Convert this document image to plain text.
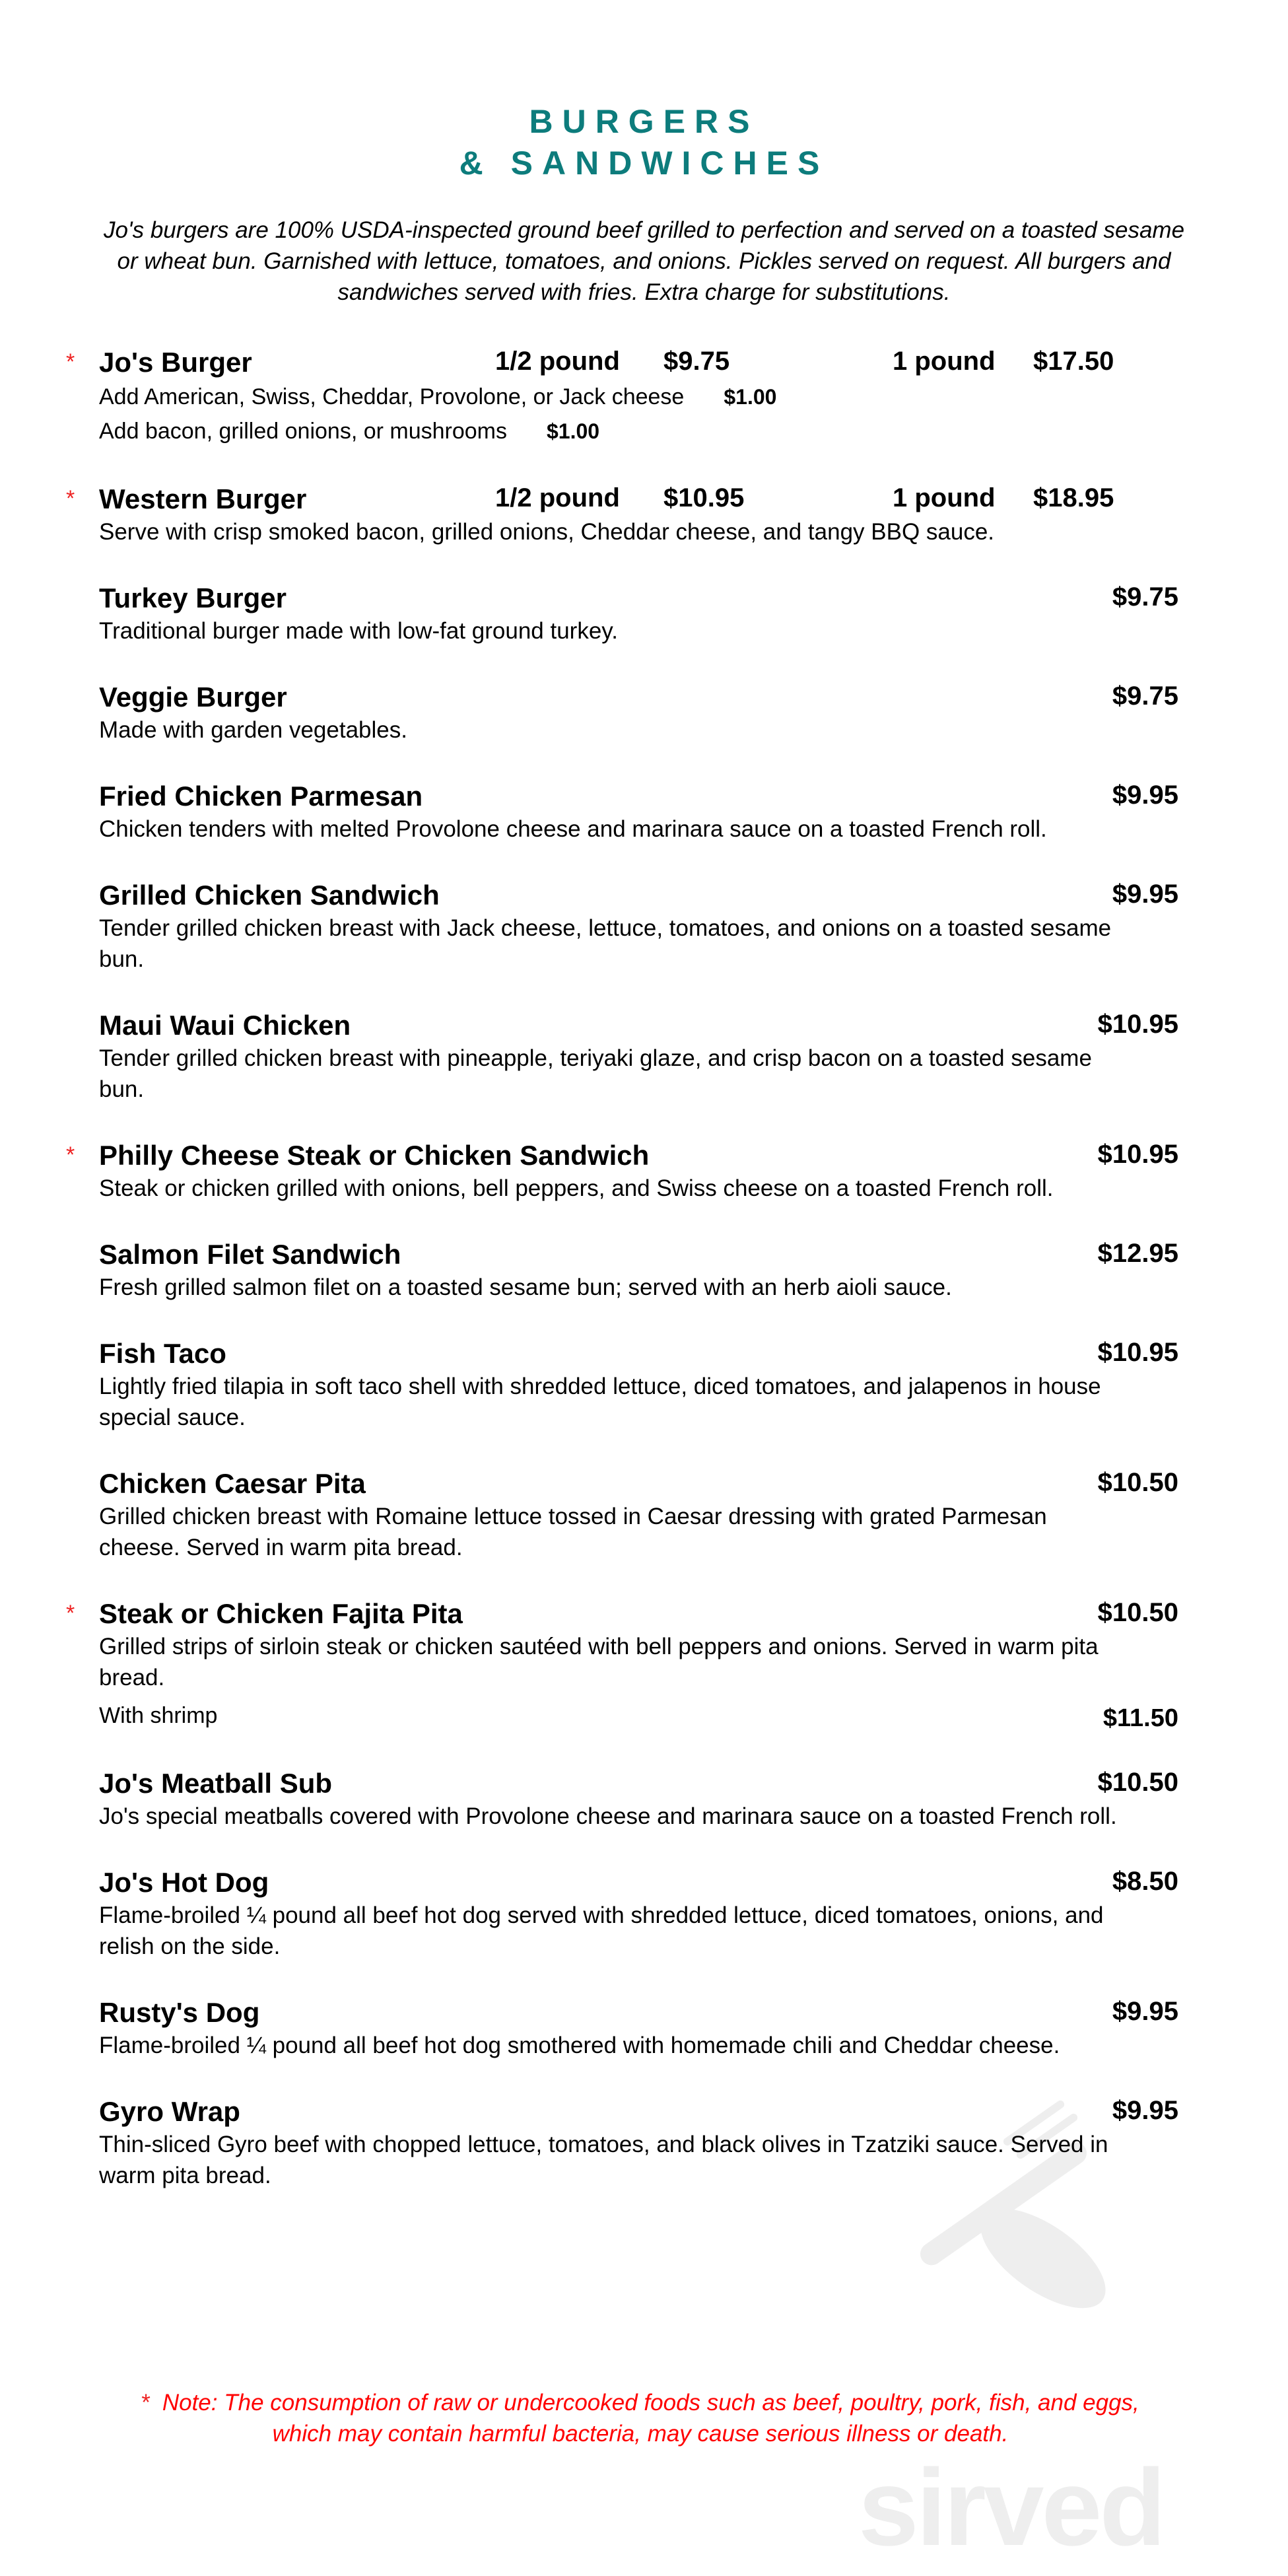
BURGERS
& SANDWICHES
Jo's burgers are 100% USDA-inspected ground beef grilled to perfection and served on a toasted sesame or wheat bun. Garnished with lettuce, tomatoes, and onions. Pickles served on request. All burgers and sandwiches served with fries. Extra charge for substitutions.
sirved
* Jo's Burger	1/2 pound $9.75	1 pound $17.50
Add American, Swiss, Cheddar, Provolone, or Jack cheese $1.00
Add bacon, grilled onions, or mushrooms $1.00
* Western Burger	1/2 pound $10.95	1 pound $18.95
Serve with crisp smoked bacon, grilled onions, Cheddar cheese, and tangy BBQ sauce.
Turkey Burger	$9.75
Traditional burger made with low-fat ground turkey.
Veggie Burger	$9.75
Made with garden vegetables.
Fried Chicken Parmesan	$9.95
Chicken tenders with melted Provolone cheese and marinara sauce on a toasted French roll.
Grilled Chicken Sandwich	$9.95
Tender grilled chicken breast with Jack cheese, lettuce, tomatoes, and onions on a toasted sesame bun.
Maui Waui Chicken	$10.95
Tender grilled chicken breast with pineapple, teriyaki glaze, and crisp bacon on a toasted sesame bun.
* Philly Cheese Steak or Chicken Sandwich	$10.95
Steak or chicken grilled with onions, bell peppers, and Swiss cheese on a toasted French roll.
Salmon Filet Sandwich	$12.95
Fresh grilled salmon filet on a toasted sesame bun; served with an herb aioli sauce.
Fish Taco	$10.95
Lightly fried tilapia in soft taco shell with shredded lettuce, diced tomatoes, and jalapenos in house special sauce.
Chicken Caesar Pita	$10.50
Grilled chicken breast with Romaine lettuce tossed in Caesar dressing with grated Parmesan cheese. Served in warm pita bread.
* Steak or Chicken Fajita Pita	$10.50
Grilled strips of sirloin steak or chicken sautéed with bell peppers and onions. Served in warm pita bread.
With shrimp	$11.50
Jo's Meatball Sub	$10.50
Jo's special meatballs covered with Provolone cheese and marinara sauce on a toasted French roll.
Jo's Hot Dog	$8.50
Flame-broiled ¼ pound all beef hot dog served with shredded lettuce, diced tomatoes, onions, and relish on the side.
Rusty's Dog	$9.95
Flame-broiled ¼ pound all beef hot dog smothered with homemade chili and Cheddar cheese.
Gyro Wrap	$9.95
Thin-sliced Gyro beef with chopped lettuce, tomatoes, and black olives in Tzatziki sauce. Served in warm pita bread.
* Note: The consumption of raw or undercooked foods such as beef, poultry, pork, fish, and eggs, which may contain harmful bacteria, may cause serious illness or death.
